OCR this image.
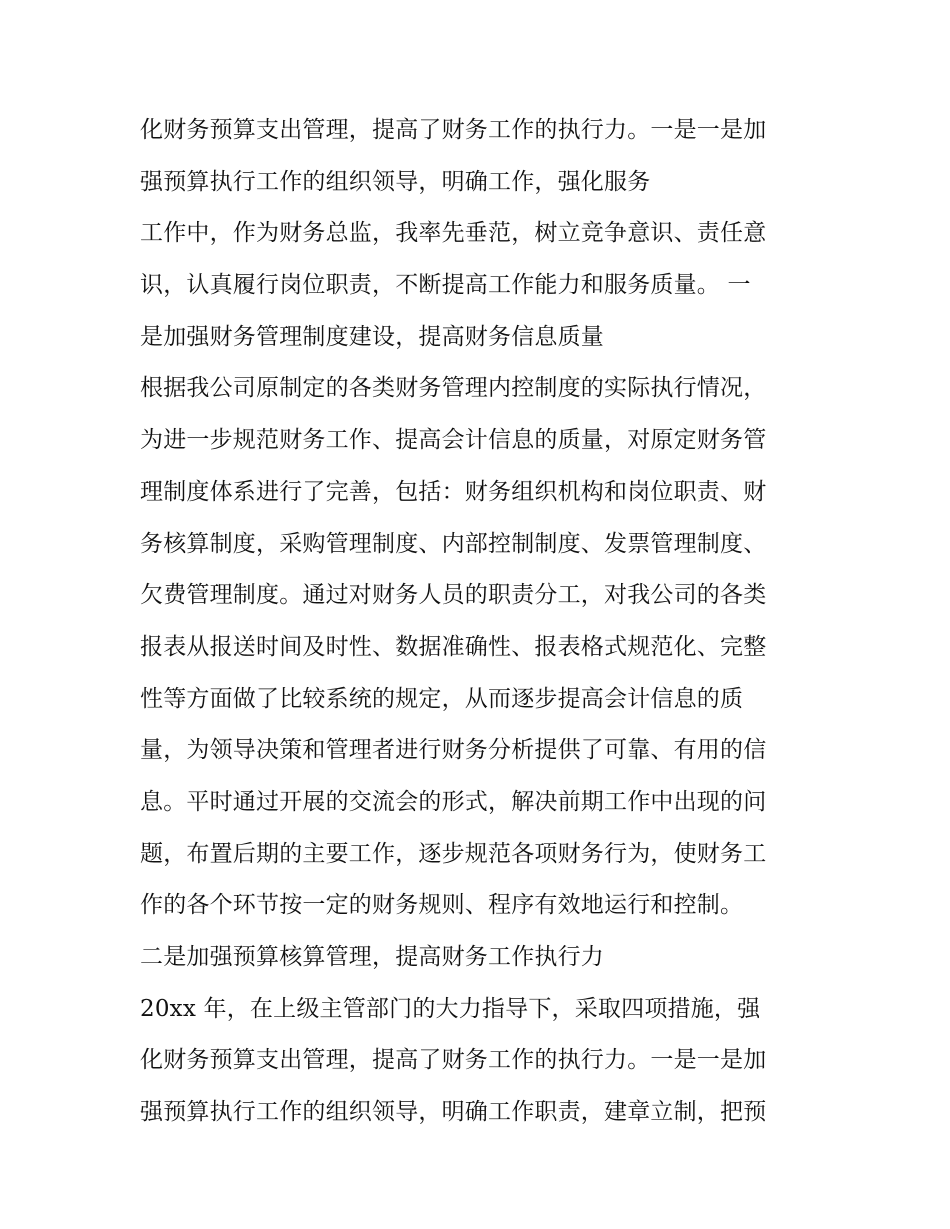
化财务预算支出管理，提高了财务工作的执行力。一是一是加
强预算执行工作的组织领导，明确工作，强化服务
工作中，作为财务总监，我率先垂范，树立竞争意识、责任意
识，认真履行岗位职责，不断提高工作能力和服务质量。 一
是加强财务管理制度建设，提高财务信息质量
根据我公司原制定的各类财务管理内控制度的实际执行情况，
为进一步规范财务工作、提高会计信息的质量，对原定财务管
理制度体系进行了完善，包括：财务组织机构和岗位职责、财
务核算制度，采购管理制度、内部控制制度、发票管理制度、
欠费管理制度。通过对财务人员的职责分工，对我公司的各类
报表从报送时间及时性、数据准确性、报表格式规范化、完整
性等方面做了比较系统的规定，从而逐步提高会计信息的质
量，为领导决策和管理者进行财务分析提供了可靠、有用的信
息。平时通过开展的交流会的形式，解决前期工作中出现的问
题，布置后期的主要工作，逐步规范各项财务行为，使财务工
作的各个环节按一定的财务规则、程序有效地运行和控制。
二是加强预算核算管理，提高财务工作执行力
20xx 年，在上级主管部门的大力指导下，采取四项措施，强
化财务预算支出管理，提高了财务工作的执行力。一是一是加
强预算执行工作的组织领导，明确工作职责，建章立制，把预
